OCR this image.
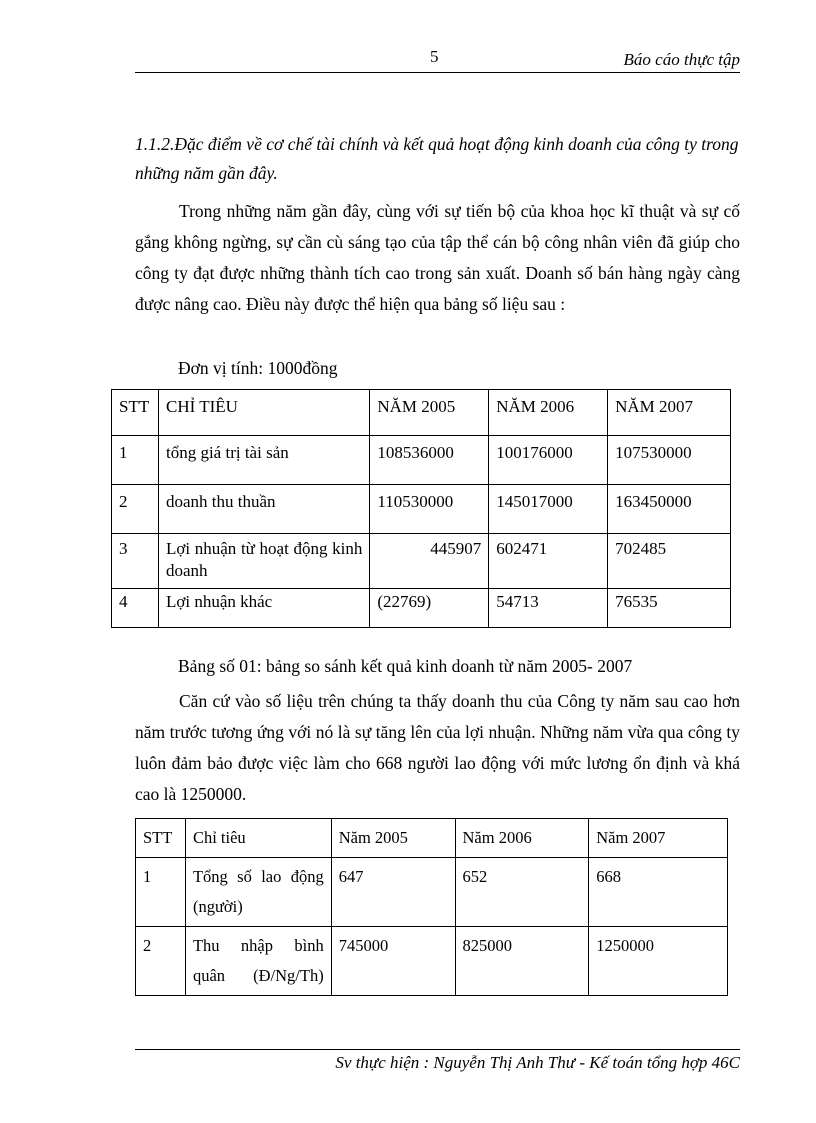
5	Báo cáo thực tập
1.1.2.Đặc điểm về cơ chế tài chính và kết quả hoạt động kinh doanh của công ty trong những năm gần đây.
Trong những năm gần đây, cùng với sự tiến bộ của khoa học kĩ thuật và sự cố gắng không ngừng, sự cần cù sáng tạo của tập thể cán bộ công nhân viên đã giúp cho công ty đạt được những thành tích cao trong sản xuất. Doanh số bán hàng ngày càng được nâng cao. Điều này được thể hiện qua bảng số liệu sau :
Đơn vị tính: 1000đồng
STT	CHỈ TIÊU	NĂM 2005	NĂM 2006	NĂM 2007
1	tổng giá trị tài sản	108536000	100176000	107530000
2	doanh thu thuần	110530000	145017000	163450000
3	Lợi nhuận từ hoạt động kinh doanh	445907	602471	702485
4	Lợi nhuận khác	(22769)	54713	76535
Bảng số 01: bảng so sánh kết quả kinh doanh từ năm 2005- 2007
Căn cứ vào số liệu trên chúng ta thấy doanh thu của Công ty năm sau cao hơn năm trước tương ứng với nó là sự tăng lên của lợi nhuận. Những năm vừa qua công ty luôn đảm bảo được việc làm cho 668 người lao động với mức lương ổn định và khá cao là 1250000.
STT	Chỉ tiêu	Năm 2005	Năm 2006	Năm 2007
1	Tổng số lao động (người)	647	652	668
2	Thu nhập bình quân (Đ/Ng/Th)	745000	825000	1250000
Sv thực hiện : Nguyễn Thị Anh Thư - Kế toán tổng hợp 46C
